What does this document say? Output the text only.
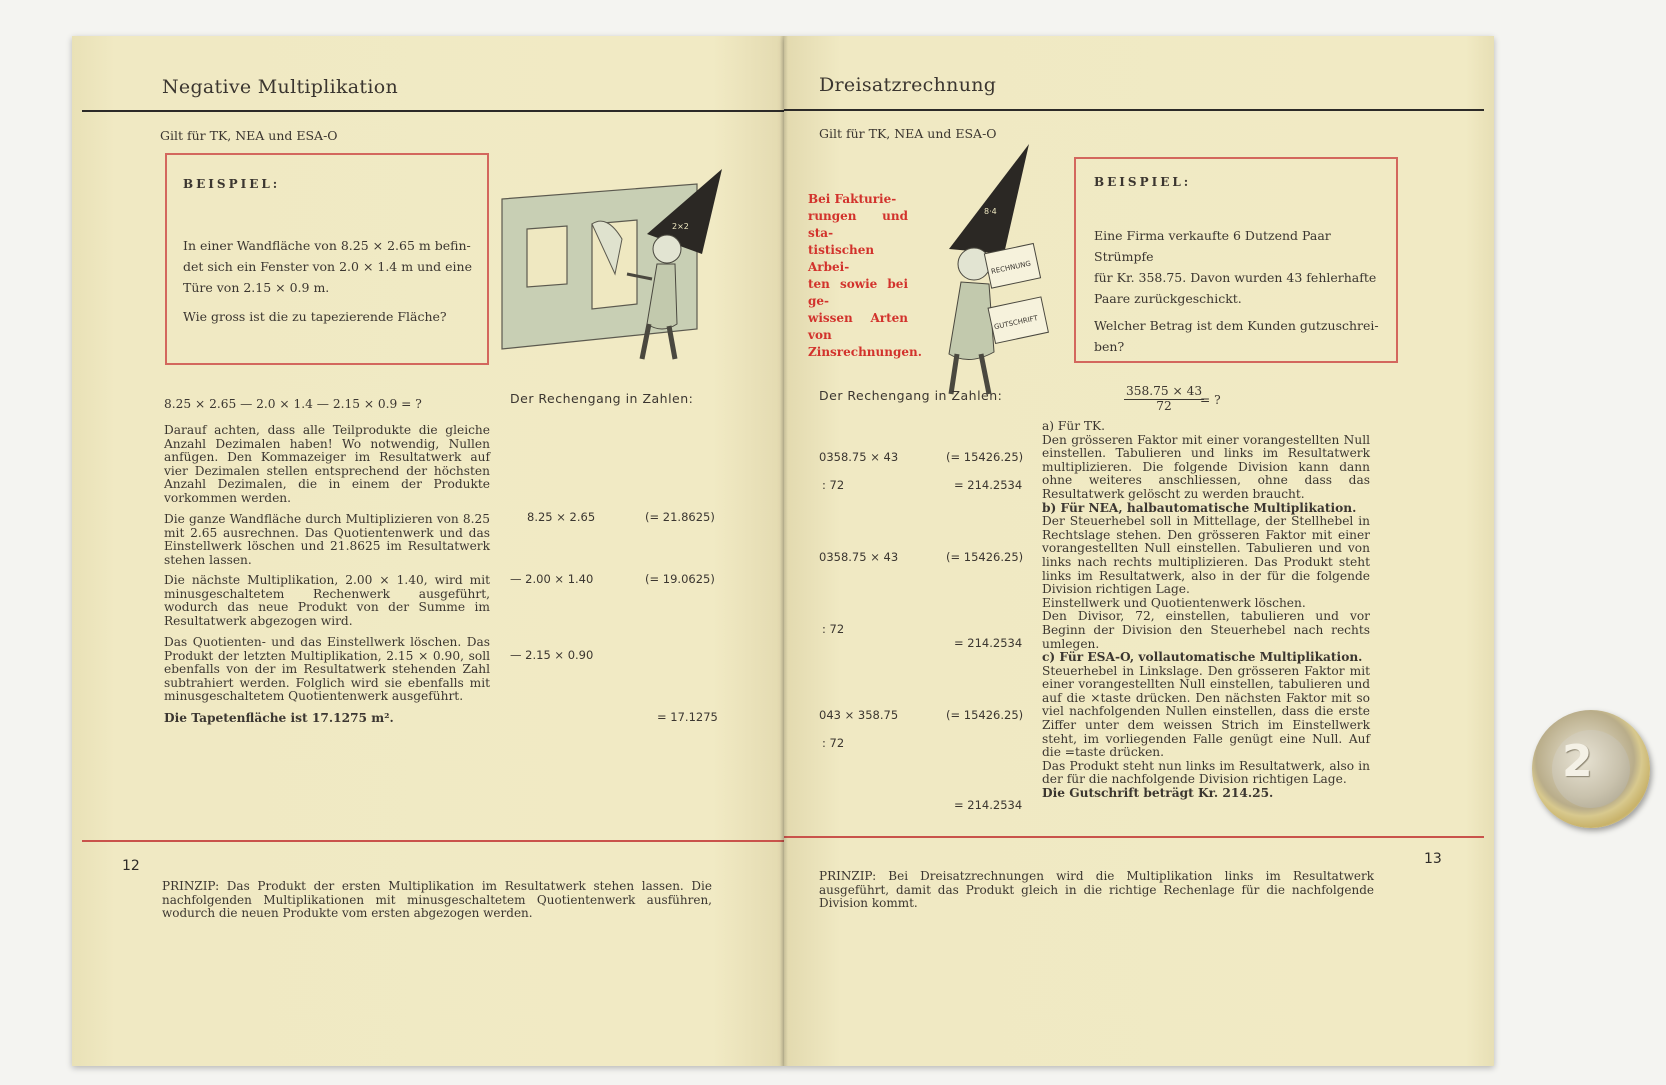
Negative Multiplikation
Gilt für TK, NEA und ESA-O
BEISPIEL:
In einer Wandfläche von 8.25 × 2.65 m befin-
det sich ein Fenster von 2.0 × 1.4 m und eine
Türe von 2.15 × 0.9 m.
Wie gross ist die zu tapezierende Fläche?
2×2
8.25 × 2.65 — 2.0 × 1.4 — 2.15 × 0.9 = ?	Der Rechengang in Zahlen:
Darauf achten, dass alle Teilprodukte die gleiche Anzahl Dezimalen haben! Wo notwendig, Nullen anfügen. Den Kommazeiger im Resultatwerk auf vier Dezimalen stellen entsprechend der höchsten Anzahl Dezimalen, die in einem der Produkte vorkommen werden.
Die ganze Wandfläche durch Multiplizieren von 8.25 mit 2.65 ausrechnen. Das Quotientenwerk und das Einstellwerk löschen und 21.8625 im Resultatwerk stehen lassen.
Die nächste Multiplikation, 2.00 × 1.40, wird mit minusgeschaltetem Rechenwerk ausgeführt, wodurch das neue Produkt von der Summe im Resultatwerk abgezogen wird.
Das Quotienten- und das Einstellwerk löschen. Das Produkt der letzten Multiplikation, 2.15 × 0.90, soll ebenfalls von der im Resultatwerk stehenden Zahl subtrahiert werden. Folglich wird sie ebenfalls mit minusgeschaltetem Quotientenwerk ausgeführt.
Die Tapetenfläche ist 17.1275 m².
8.25 × 2.65	(= 21.8625)
— 2.00 × 1.40	(= 19.0625)
— 2.15 × 0.90
= 17.1275
12
PRINZIP: Das Produkt der ersten Multiplikation im Resultatwerk stehen lassen. Die nachfolgenden Multiplikationen mit minusgeschaltetem Quotientenwerk ausführen, wodurch die neuen Produkte vom ersten abgezogen werden.
Dreisatzrechnung
Gilt für TK, NEA und ESA-O
Bei Fakturie-
rungen und sta-
tistischen Arbei-
ten sowie bei ge-
wissen Arten von
Zinsrechnungen.
8·4
RECHNUNG
GUTSCHRIFT
BEISPIEL:
Eine Firma verkaufte 6 Dutzend Paar Strümpfe
für Kr. 358.75. Davon wurden 43 fehlerhafte
Paare zurückgeschickt.
Welcher Betrag ist dem Kunden gutzuschrei-
ben?
Der Rechengang in Zahlen:	358.75 × 43
72	= ?
0358.75 × 43	(= 15426.25)
: 72	= 214.2534
0358.75 × 43	(= 15426.25)
: 72
= 214.2534
043 × 358.75	(= 15426.25)
: 72
= 214.2534
a) Für TK.
Den grösseren Faktor mit einer vorangestellten Null einstellen. Tabulieren und links im Resultatwerk multiplizieren. Die folgende Division kann dann ohne weiteres anschliessen, ohne dass das Resultatwerk gelöscht zu werden braucht.
b) Für NEA, halbautomatische Multiplikation.
Der Steuerhebel soll in Mittellage, der Stellhebel in Rechtslage stehen. Den grösseren Faktor mit einer vorangestellten Null einstellen. Tabulieren und von links nach rechts multiplizieren. Das Produkt steht links im Resultatwerk, also in der für die folgende Division richtigen Lage.
Einstellwerk und Quotientenwerk löschen.
Den Divisor, 72, einstellen, tabulieren und vor Beginn der Division den Steuerhebel nach rechts umlegen.
c) Für ESA-O, vollautomatische Multiplikation.
Steuerhebel in Linkslage. Den grösseren Faktor mit einer vorangestellten Null einstellen, tabulieren und auf die ×taste drücken. Den nächsten Faktor mit so viel nachfolgenden Nullen einstellen, dass die erste Ziffer unter dem weissen Strich im Einstellwerk steht, im vorliegenden Falle genügt eine Null. Auf die =taste drücken.
Das Produkt steht nun links im Resultatwerk, also in der für die nachfolgende Division richtigen Lage.
Die Gutschrift beträgt Kr. 214.25.
13
PRINZIP: Bei Dreisatzrechnungen wird die Multiplikation links im Resultatwerk ausgeführt, damit das Produkt gleich in die richtige Rechenlage für die nachfolgende Division kommt.
2
